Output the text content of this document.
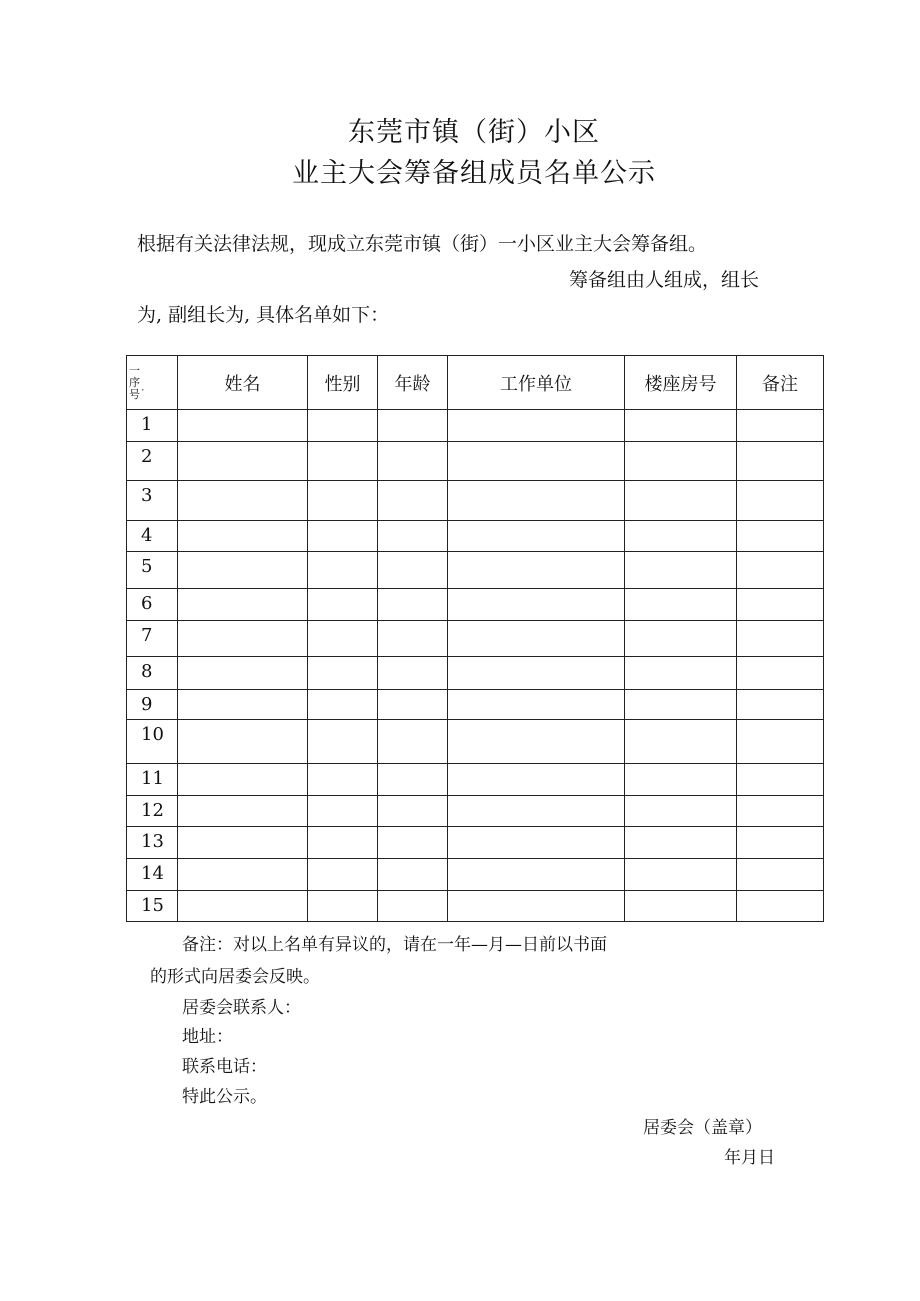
东莞市镇（街）小区
业主大会筹备组成员名单公示
根据有关法律法规，现成立东莞市镇（街）一小区业主大会筹备组。
筹备组由人组成，组长
为, 副组长为, 具体名单如下：
一
序
号˙	姓名	性别	年龄	工作单位	楼座房号	备注
1						
2						
3						
4						
5						
6						
7						
8						
9						
10						
11						
12						
13						
14						
15						
备注：对以上名单有异议的，请在一年—月—日前以书面
的形式向居委会反映。
居委会联系人：
地址：
联系电话：
特此公示。
居委会（盖章）
年月日
